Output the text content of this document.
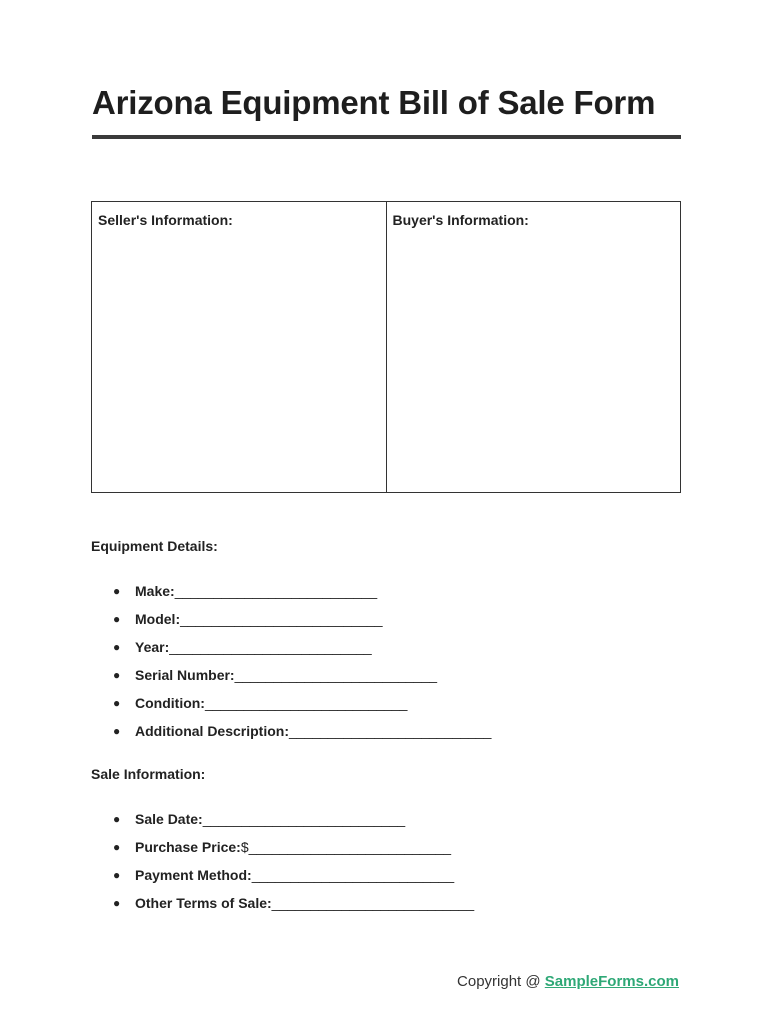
Arizona Equipment Bill of Sale Form
Seller's Information:	Buyer's Information:
Equipment Details:
●	Make: __________________________
●	Model: __________________________
●	Year: __________________________
●	Serial Number: __________________________
●	Condition: __________________________
●	Additional Description: __________________________
Sale Information:
●	Sale Date: __________________________
●	Purchase Price: $__________________________
●	Payment Method: __________________________
●	Other Terms of Sale: __________________________
Copyright @ SampleForms.com
